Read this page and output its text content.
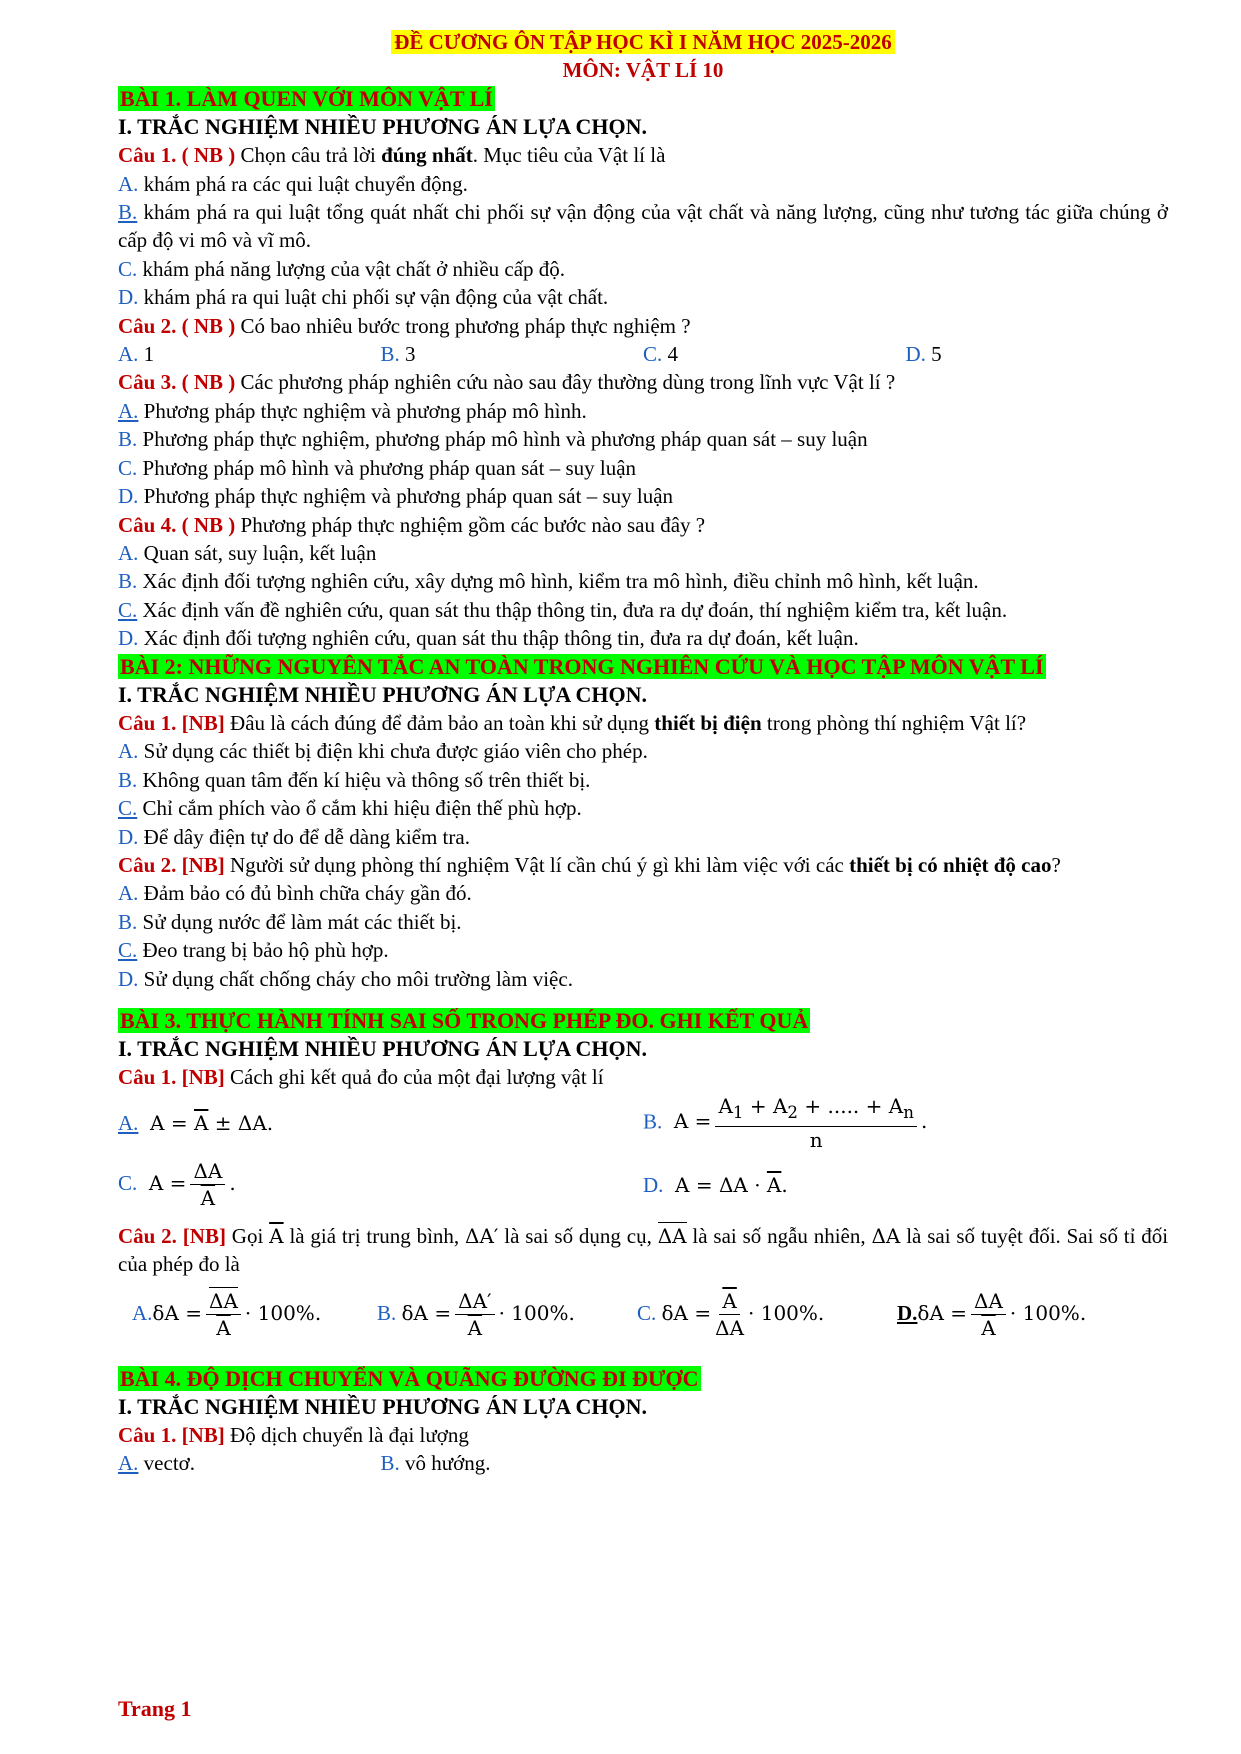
ĐỀ CƯƠNG ÔN TẬP HỌC KÌ I NĂM HỌC 2025-2026
MÔN: VẬT LÍ 10
BÀI 1. LÀM QUEN VỚI MÔN VẬT LÍ
I. TRẮC NGHIỆM NHIỀU PHƯƠNG ÁN LỰA CHỌN.
Câu 1. ( NB ) Chọn câu trả lời đúng nhất. Mục tiêu của Vật lí là
A. khám phá ra các qui luật chuyển động.
B. khám phá ra qui luật tổng quát nhất chi phối sự vận động của vật chất và năng lượng, cũng như tương tác giữa chúng ở cấp độ vi mô và vĩ mô.
C. khám phá năng lượng của vật chất ở nhiều cấp độ.
D. khám phá ra qui luật chi phối sự vận động của vật chất.
Câu 2. ( NB ) Có bao nhiêu bước trong phương pháp thực nghiệm ?
A. 1	B. 3	C. 4	D. 5
Câu 3. ( NB ) Các phương pháp nghiên cứu nào sau đây thường dùng trong lĩnh vực Vật lí ?
A. Phương pháp thực nghiệm và phương pháp mô hình.
B. Phương pháp thực nghiệm, phương pháp mô hình và phương pháp quan sát – suy luận
C. Phương pháp mô hình và phương pháp quan sát – suy luận
D. Phương pháp thực nghiệm và phương pháp quan sát – suy luận
Câu 4. ( NB ) Phương pháp thực nghiệm gồm các bước nào sau đây ?
A. Quan sát, suy luận, kết luận
B. Xác định đối tượng nghiên cứu, xây dựng mô hình, kiểm tra mô hình, điều chỉnh mô hình, kết luận.
C. Xác định vấn đề nghiên cứu, quan sát thu thập thông tin, đưa ra dự đoán, thí nghiệm kiểm tra, kết luận.
D. Xác định đối tượng nghiên cứu, quan sát thu thập thông tin, đưa ra dự đoán, kết luận.
BÀI 2: NHỮNG NGUYÊN TẮC AN TOÀN TRONG NGHIÊN CỨU VÀ HỌC TẬP MÔN VẬT LÍ
I. TRẮC NGHIỆM NHIỀU PHƯƠNG ÁN LỰA CHỌN.
Câu 1. [NB] Đâu là cách đúng để đảm bảo an toàn khi sử dụng thiết bị điện trong phòng thí nghiệm Vật lí?
A. Sử dụng các thiết bị điện khi chưa được giáo viên cho phép.
B. Không quan tâm đến kí hiệu và thông số trên thiết bị.
C. Chỉ cắm phích vào ổ cắm khi hiệu điện thế phù hợp.
D. Để dây điện tự do để dễ dàng kiểm tra.
Câu 2. [NB] Người sử dụng phòng thí nghiệm Vật lí cần chú ý gì khi làm việc với các thiết bị có nhiệt độ cao?
A. Đảm bảo có đủ bình chữa cháy gần đó.
B. Sử dụng nước để làm mát các thiết bị.
C. Đeo trang bị bảo hộ phù hợp.
D. Sử dụng chất chống cháy cho môi trường làm việc.
BÀI 3. THỰC HÀNH TÍNH SAI SỐ TRONG PHÉP ĐO. GHI KẾT QUẢ
I. TRẮC NGHIỆM NHIỀU PHƯƠNG ÁN LỰA CHỌN.
Câu 1. [NB] Cách ghi kết quả đo của một đại lượng vật lí
A.  $A = \overline{A} \pm \Delta A$.	B.  $A = \frac{A_1 + A_2 + ..... + A_n}{n}$ .
C.  $A = \frac{\Delta A}{A}$ .	D.  $A = \Delta A \cdot \overline{A}$.
Câu 2. [NB] Gọi $\overline{A}$ là giá trị trung bình, ΔA′ là sai số dụng cụ, ΔA là sai số ngẫu nhiên, ΔA là sai số tuyệt đối. Sai số tỉ đối của phép đo là
$A.\delta A = \frac{\Delta A}{A} \cdot 100\%$.	B. $\delta A = \frac{\Delta A'}{A} \cdot 100\%$.	C. $\delta A = \frac{\overline{A}}{\Delta A} \cdot 100\%$.	$D.\delta A = \frac{\Delta A}{A} \cdot 100\%$.
BÀI 4. ĐỘ DỊCH CHUYỂN VÀ QUÃNG ĐƯỜNG ĐI ĐƯỢC
I. TRẮC NGHIỆM NHIỀU PHƯƠNG ÁN LỰA CHỌN.
Câu 1. [NB] Độ dịch chuyển là đại lượng
A. vectơ.	B. vô hướng.
Trang 1
